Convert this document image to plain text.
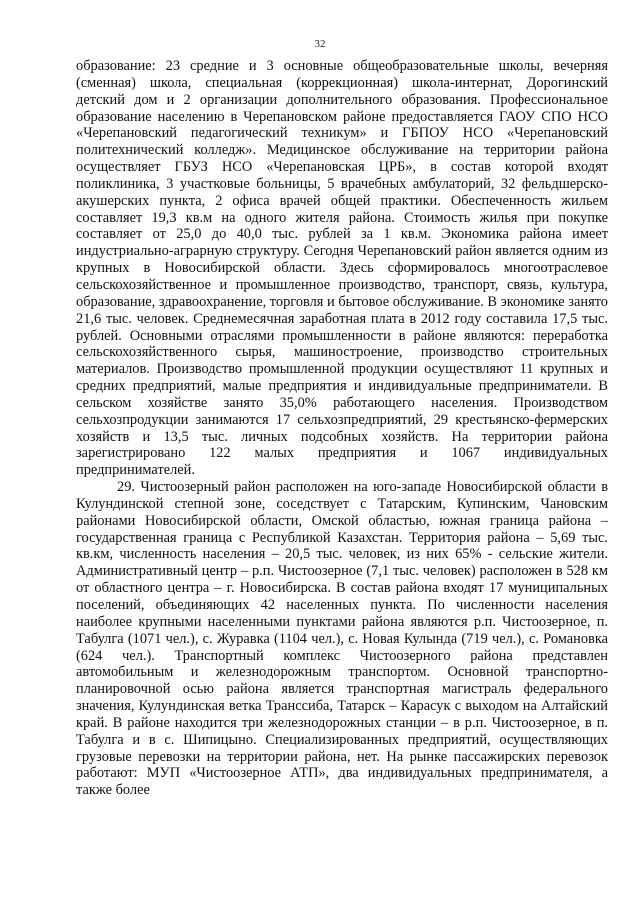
32

образование: 23 средние и 3 основные общеобразовательные школы, вечерняя (сменная) школа, специальная (коррекционная) школа-интернат, Дорогинский детский дом и 2 организации дополнительного образования. Профессиональное образование населению в Черепановском районе предоставляется ГАОУ СПО НСО «Черепановский педагогический техникум» и ГБПОУ НСО «Черепановский политехнический колледж». Медицинское обслуживание на территории района осуществляет ГБУЗ НСО «Черепановская ЦРБ», в состав которой входят поликлиника, 3 участковые больницы, 5 врачебных амбулаторий, 32 фельдшерско-акушерских пункта, 2 офиса врачей общей практики. Обеспеченность жильем составляет 19,3 кв.м на одного жителя района. Стоимость жилья при покупке составляет от 25,0 до 40,0 тыс. рублей за 1 кв.м. Экономика района имеет индустриально-аграрную структуру. Сегодня Черепановский район является одним из крупных в Новосибирской области. Здесь сформировалось многоотраслевое сельскохозяйственное и промышленное производство, транспорт, связь, культура, образование, здравоохранение, торговля и бытовое обслуживание. В экономике занято 21,6 тыс. человек. Среднемесячная заработная плата в 2012 году составила 17,5 тыс. рублей. Основными отраслями промышленности в районе являются: переработка сельскохозяйственного сырья, машиностроение, производство строительных материалов. Производство промышленной продукции осуществляют 11 крупных и средних предприятий, малые предприятия и индивидуальные предприниматели. В сельском хозяйстве занято 35,0% работающего населения. Производством сельхозпродукции занимаются 17 сельхозпредприятий, 29 крестьянско-фермерских хозяйств и 13,5 тыс. личных подсобных хозяйств. На территории района зарегистрировано 122 малых предприятия и 1067 индивидуальных предпринимателей.

29. Чистоозерный район расположен на юго-западе Новосибирской области в Кулундинской степной зоне, соседствует с Татарским, Купинским, Чановским районами Новосибирской области, Омской областью, южная граница района – государственная граница с Республикой Казахстан. Территория района – 5,69 тыс. кв.км, численность населения – 20,5 тыс. человек, из них 65% - сельские жители. Административный центр – р.п. Чистоозерное (7,1 тыс. человек) расположен в 528 км от областного центра – г. Новосибирска. В состав района входят 17 муниципальных поселений, объединяющих 42 населенных пункта. По численности населения наиболее крупными населенными пунктами района являются р.п. Чистоозерное, п. Табулга (1071 чел.), с. Журавка (1104 чел.), с. Новая Кулында (719 чел.), с. Романовка (624 чел.). Транспортный комплекс Чистоозерного района представлен автомобильным и железнодорожным транспортом. Основной транспортно-планировочной осью района является транспортная магистраль федерального значения, Кулундинская ветка Транссиба, Татарск – Карасук с выходом на Алтайский край. В районе находится три железнодорожных станции – в р.п. Чистоозерное, в п. Табулга и в с. Шипицыно. Специализированных предприятий, осуществляющих грузовые перевозки на территории района, нет. На рынке пассажирских перевозок работают: МУП «Чистоозерное АТП», два индивидуальных предпринимателя, а также более
